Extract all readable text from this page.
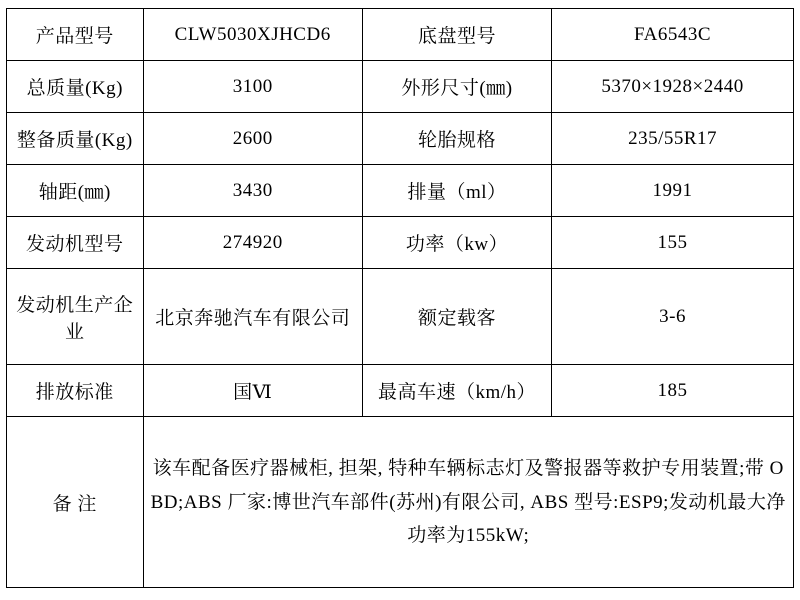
产品型号	CLW5030XJHCD6	底盘型号	FA6543C
总质量(Kg)	3100	外形尺寸(㎜)	5370×1928×2440
整备质量(Kg)	2600	轮胎规格	235/55R17
轴距(㎜)	3430	排量（ml）	1991
发动机型号	274920	功率（kw）	155
发动机生产企业	北京奔驰汽车有限公司	额定载客	3-6
排放标准	国Ⅵ	最高车速（km/h）	185
备 注	该车配备医疗器械柜, 担架, 特种车辆标志灯及警报器等救护专用装置;带 OBD;ABS 厂家:博世汽车部件(苏州)有限公司, ABS 型号:ESP9;发动机最大净功率为155kW;		
